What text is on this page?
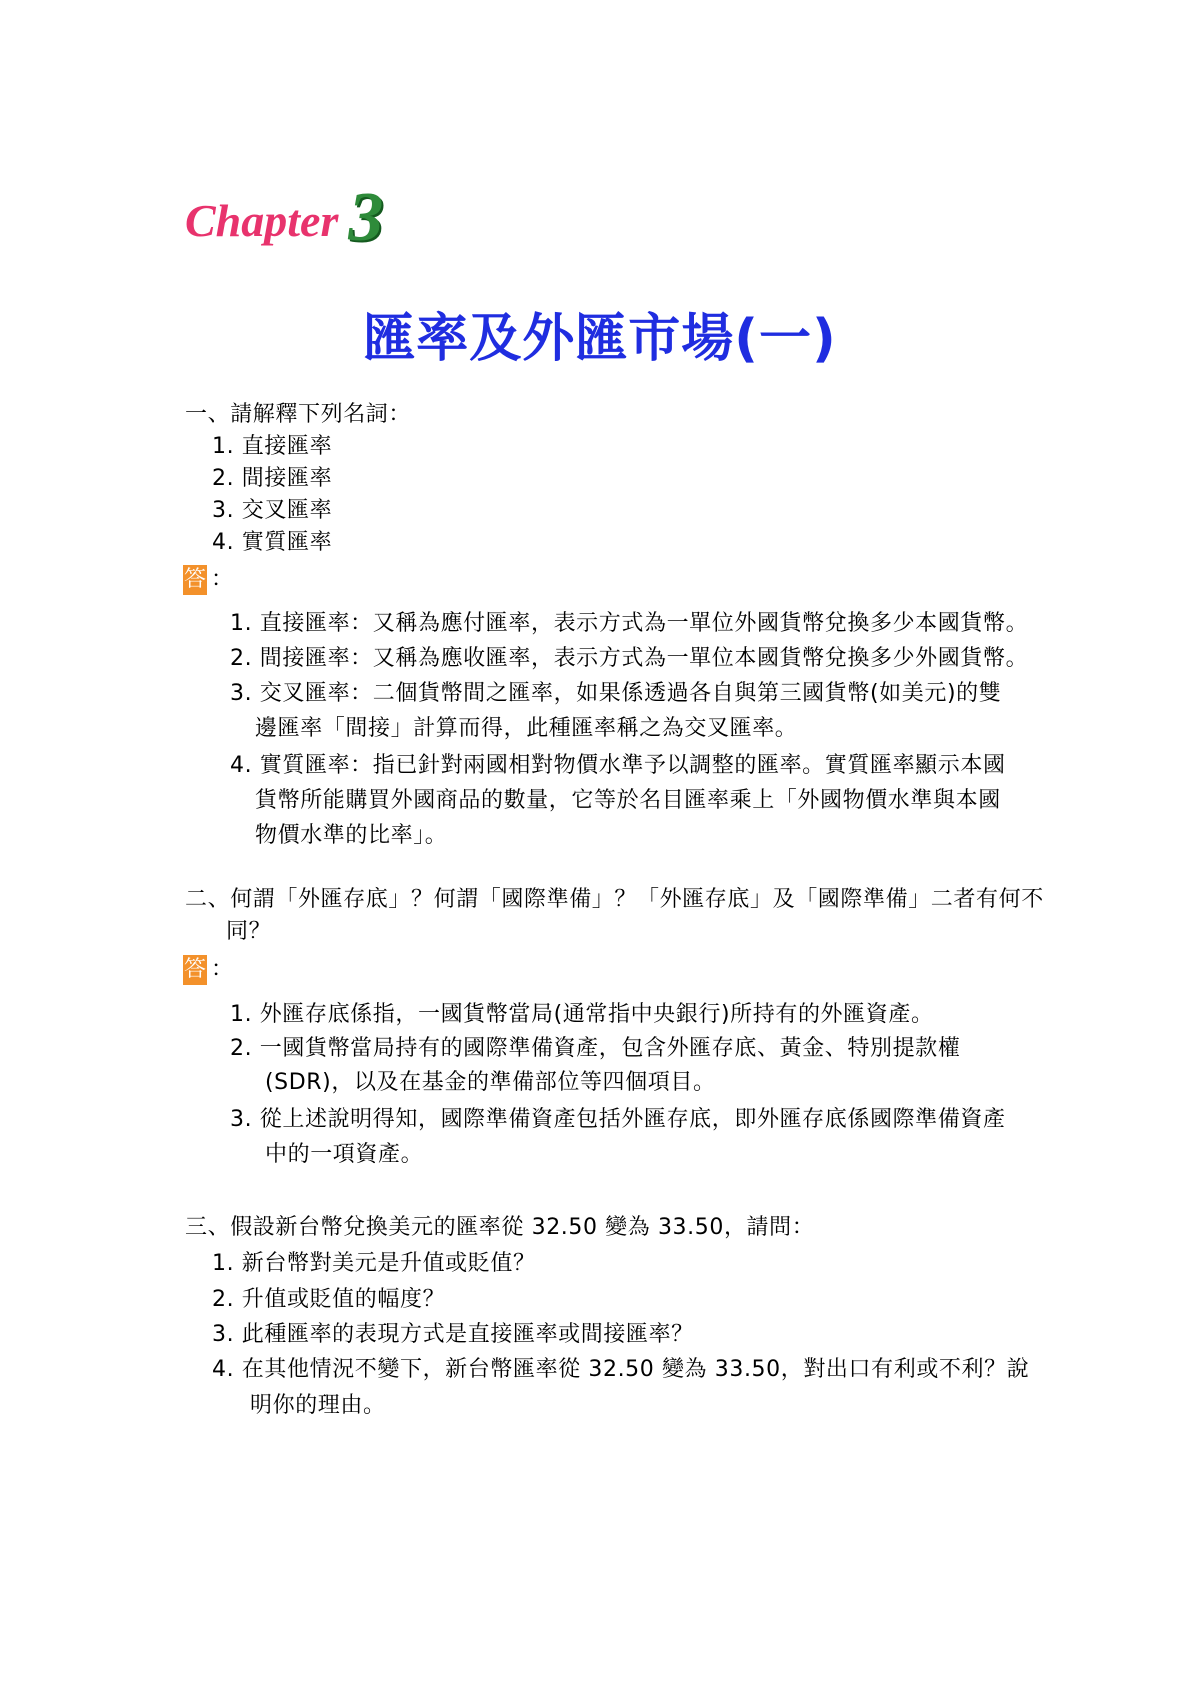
Chapter 3
匯率及外匯市場(一)
一、請解釋下列名詞：
1. 直接匯率
2. 間接匯率
3. 交叉匯率
4. 實質匯率
答 ：
1. 直接匯率：又稱為應付匯率，表示方式為一單位外國貨幣兌換多少本國貨幣。
2. 間接匯率：又稱為應收匯率，表示方式為一單位本國貨幣兌換多少外國貨幣。
3. 交叉匯率：二個貨幣間之匯率，如果係透過各自與第三國貨幣(如美元)的雙
邊匯率「間接」計算而得，此種匯率稱之為交叉匯率。
4. 實質匯率：指已針對兩國相對物價水準予以調整的匯率。實質匯率顯示本國
貨幣所能購買外國商品的數量，它等於名目匯率乘上「外國物價水準與本國
物價水準的比率」。
二、何謂「外匯存底」？何謂「國際準備」？「外匯存底」及「國際準備」二者有何不
同？
答 ：
1. 外匯存底係指，一國貨幣當局(通常指中央銀行)所持有的外匯資產。
2. 一國貨幣當局持有的國際準備資產，包含外匯存底、黃金、特別提款權
(SDR)，以及在基金的準備部位等四個項目。
3. 從上述說明得知，國際準備資產包括外匯存底，即外匯存底係國際準備資產
中的一項資產。
三、假設新台幣兌換美元的匯率從 32.50 變為 33.50，請問：
1. 新台幣對美元是升值或貶值？
2. 升值或貶值的幅度？
3. 此種匯率的表現方式是直接匯率或間接匯率？
4. 在其他情況不變下，新台幣匯率從 32.50 變為 33.50，對出口有利或不利？說
明你的理由。
